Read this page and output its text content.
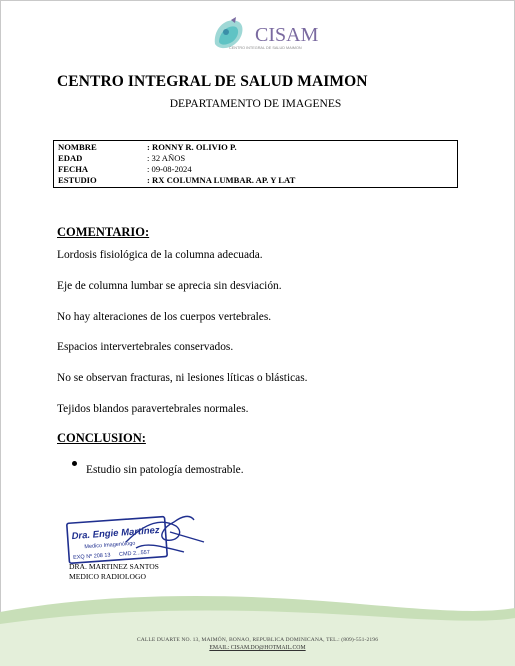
CISAM
CENTRO INTEGRAL DE SALUD MAIMON
CENTRO INTEGRAL DE SALUD MAIMON
DEPARTAMENTO DE IMAGENES
NOMBRE	: RONNY R. OLIVIO P.
EDAD	: 32 AÑOS
FECHA	: 09-08-2024
ESTUDIO	: RX COLUMNA LUMBAR. AP. Y LAT
COMENTARIO:
Lordosis fisiológica de la columna adecuada.
Eje de columna lumbar se aprecia sin desviación.
No hay alteraciones de los cuerpos vertebrales.
Espacios intervertebrales conservados.
No se observan fracturas, ni lesiones líticas o blásticas.
Tejidos blandos paravertebrales normales.
CONCLUSION:
Estudio sin patología demostrable.
Dra. Engie Martinez
Medico Imagenólogo
EXQ Nº 208 13 CMD 2...557
DRA. MARTINEZ SANTOS
MEDICO RADIOLOGO
CALLE DUARTE NO. 13, MAIMÓN, BONAO, REPUBLICA DOMINICANA, TEL.: (809)-551-2196
EMAIL: CISAM.DO@HOTMAIL.COM
